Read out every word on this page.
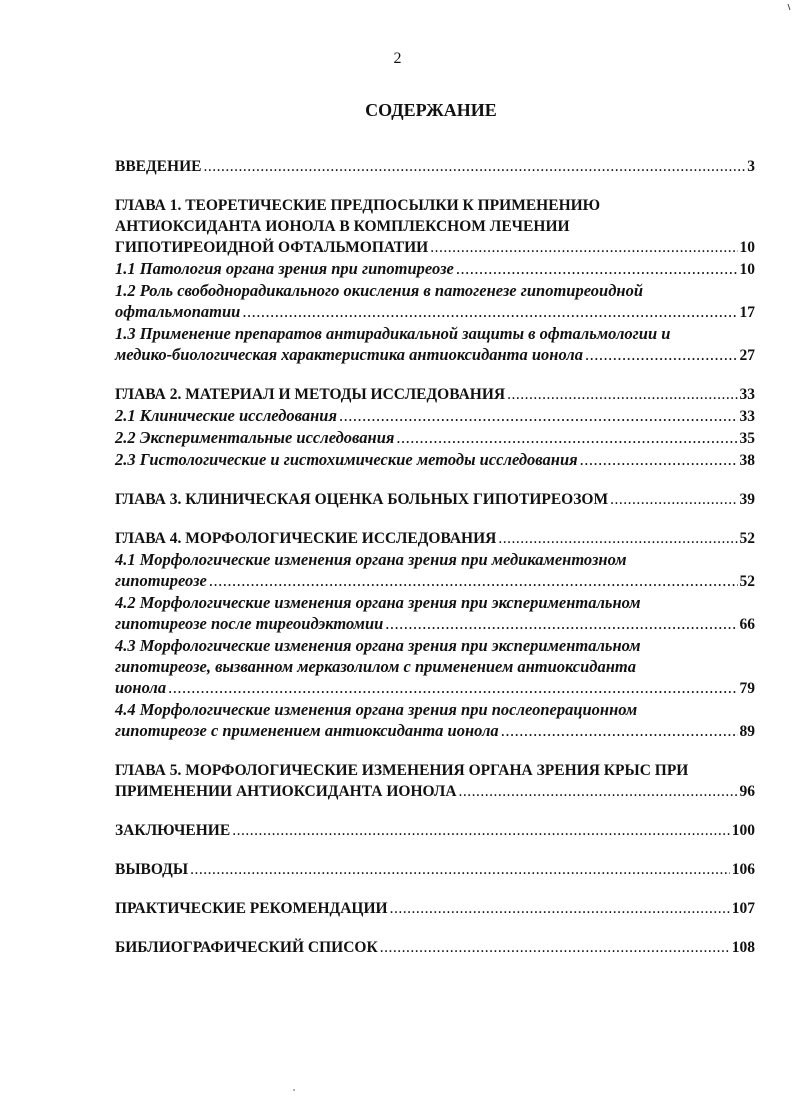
2
СОДЕРЖАНИЕ
ВВЕДЕНИЕ .....	3
ГЛАВА 1. ТЕОРЕТИЧЕСКИЕ ПРЕДПОСЫЛКИ К ПРИМЕНЕНИЮ
АНТИОКСИДАНТА ИОНОЛА В КОМПЛЕКСНОМ ЛЕЧЕНИИ
ГИПОТИРЕОИДНОЙ ОФТАЛЬМОПАТИИ .....	10
1.1 Патология органа зрения при гипотиреозе .....	10
1.2 Роль свободнорадикального окисления в патогенезе гипотиреоидной
офтальмопатии .....	17
1.3 Применение препаратов антирадикальной защиты в офтальмологии и
медико-биологическая характеристика антиоксиданта ионола .....	27
ГЛАВА 2. МАТЕРИАЛ И МЕТОДЫ ИССЛЕДОВАНИЯ .....	33
2.1 Клинические исследования .....	33
2.2 Экспериментальные исследования .....	35
2.3 Гистологические и гистохимические методы исследования .....	38
ГЛАВА 3. КЛИНИЧЕСКАЯ ОЦЕНКА БОЛЬНЫХ ГИПОТИРЕОЗОМ .....	39
ГЛАВА 4. МОРФОЛОГИЧЕСКИЕ ИССЛЕДОВАНИЯ .....	52
4.1 Морфологические изменения органа зрения при медикаментозном
гипотиреозе .....	52
4.2 Морфологические изменения органа зрения при экспериментальном
гипотиреозе после тиреоидэктомии .....	66
4.3 Морфологические изменения органа зрения при экспериментальном
гипотиреозе, вызванном мерказолилом с применением антиоксиданта
ионола .....	79
4.4 Морфологические изменения органа зрения при послеоперационном
гипотиреозе с применением антиоксиданта ионола .....	89
ГЛАВА 5. МОРФОЛОГИЧЕСКИЕ ИЗМЕНЕНИЯ ОРГАНА ЗРЕНИЯ КРЫС ПРИ
ПРИМЕНЕНИИ АНТИОКСИДАНТА ИОНОЛА .....	96
ЗАКЛЮЧЕНИЕ .....	100
ВЫВОДЫ .....	106
ПРАКТИЧЕСКИЕ РЕКОМЕНДАЦИИ .....	107
БИБЛИОГРАФИЧЕСКИЙ СПИСОК .....	108
